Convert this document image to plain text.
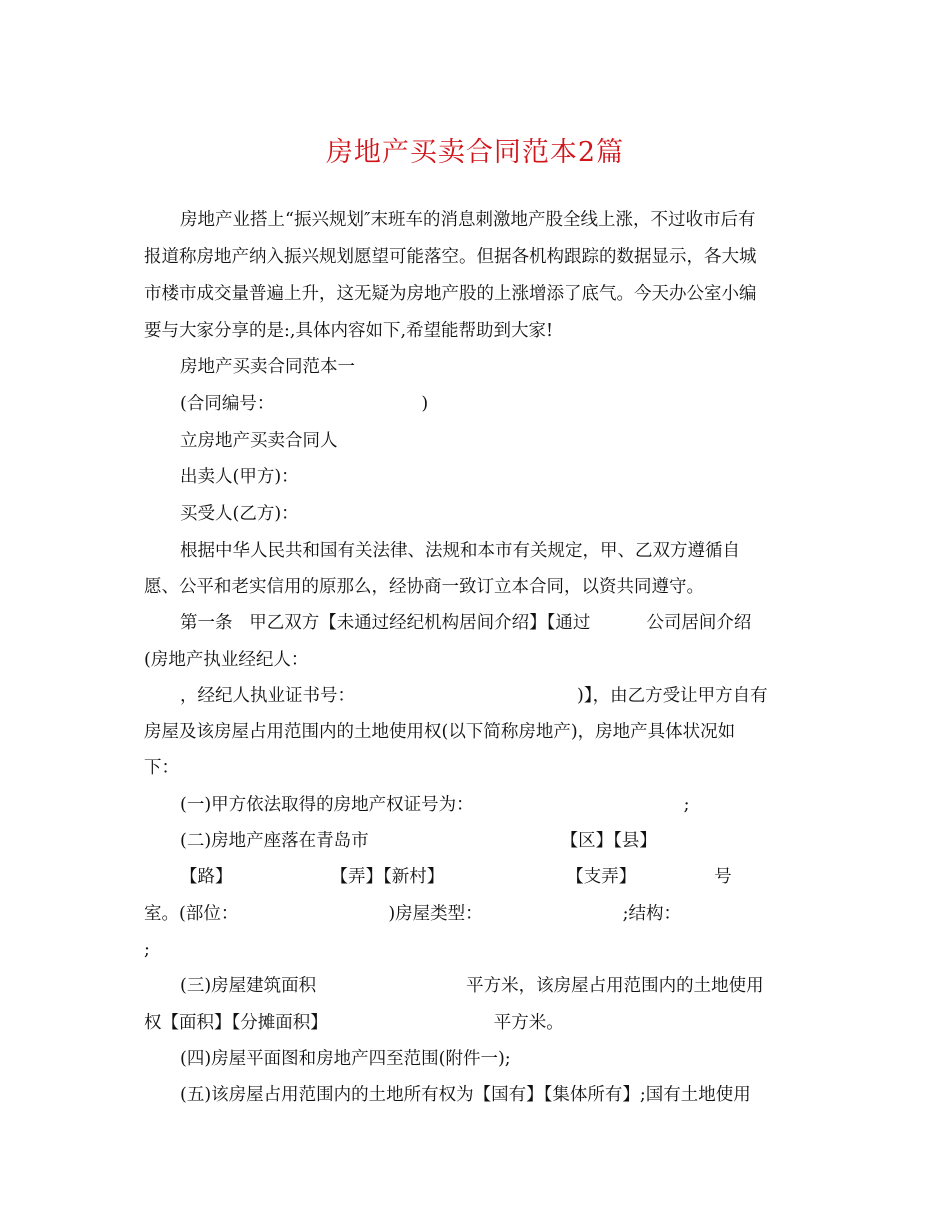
房地产买卖合同范本2篇

房地产业搭上“振兴规划″末班车的消息刺激地产股全线上涨，不过收市后有

报道称房地产纳入振兴规划愿望可能落空。但据各机构跟踪的数据显示，各大城

市楼市成交量普遍上升，这无疑为房地产股的上涨增添了底气。今天办公室小编

要与大家分享的是:,具体内容如下,希望能帮助到大家!

房地产买卖合同范本一

(合同编号：	)

立房地产买卖合同人

出卖人(甲方)：

买受人(乙方)：

根据中华人民共和国有关法律、法规和本市有关规定，甲、乙双方遵循自

愿、公平和老实信用的原那么，经协商一致订立本合同，以资共同遵守。

第一条   甲乙双方【未通过经纪机构居间介绍】【通过	公司居间介绍

(房地产执业经纪人：

，经纪人执业证书号：	)】，由乙方受让甲方自有

房屋及该房屋占用范围内的土地使用权(以下简称房地产)，房地产具体状况如

下：

(一)甲方依法取得的房地产权证号为：	;

(二)房地产座落在青岛市	【区】【县】

【路】	【弄】【新村】	【支弄】	号

室。(部位：	)房屋类型：	;结构：

;

(三)房屋建筑面积	平方米，该房屋占用范围内的土地使用

权【面积】【分摊面积】	平方米。

(四)房屋平面图和房地产四至范围(附件一);

(五)该房屋占用范围内的土地所有权为【国有】【集体所有】;国有土地使用
